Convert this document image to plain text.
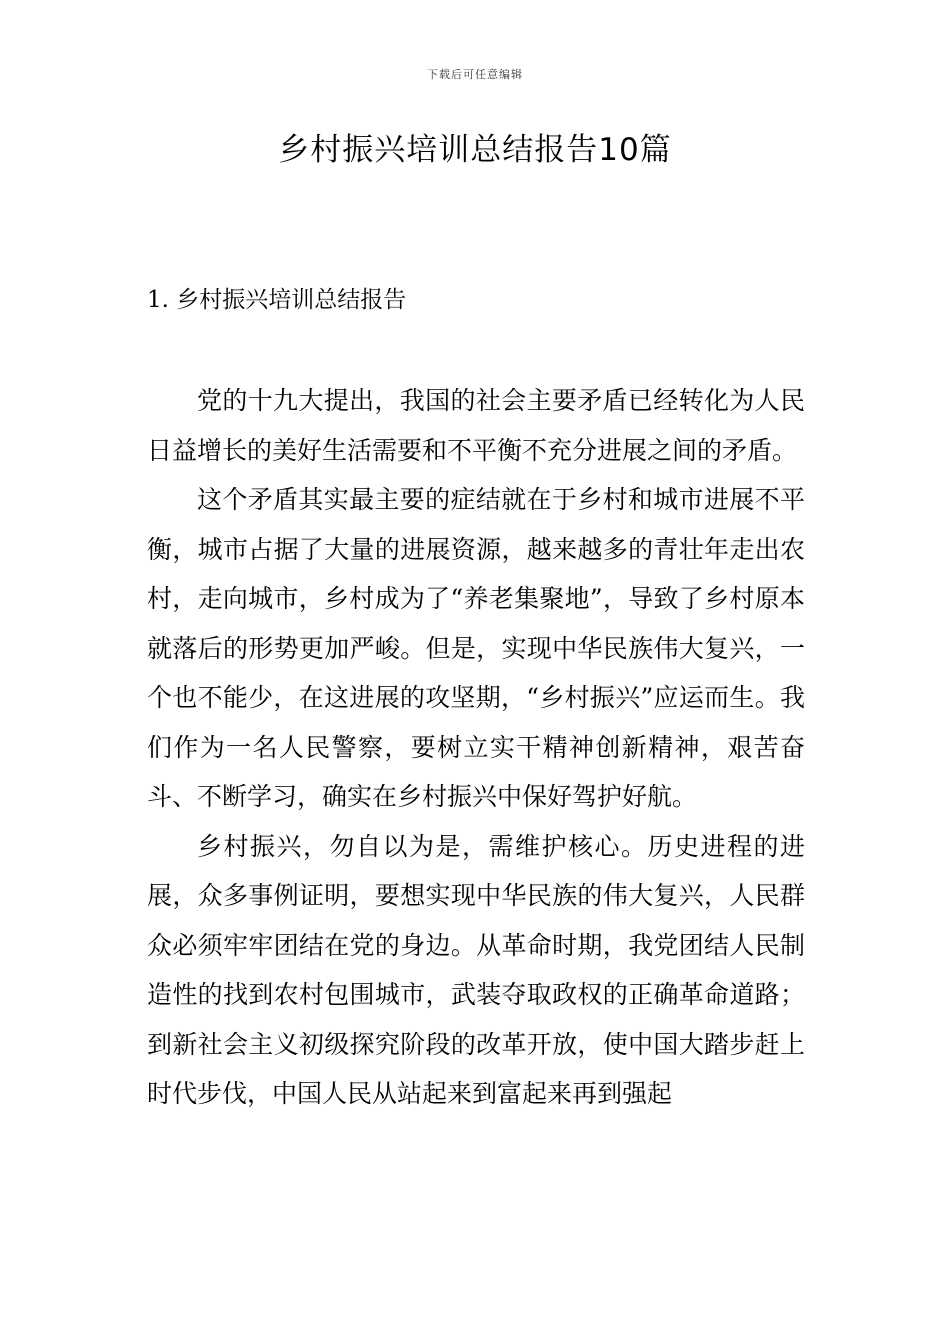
下载后可任意编辑
乡村振兴培训总结报告10篇
1. 乡村振兴培训总结报告

党的十九大提出，我国的社会主要矛盾已经转化为人民日益增长的美好生活需要和不平衡不充分进展之间的矛盾。

这个矛盾其实最主要的症结就在于乡村和城市进展不平衡，城市占据了大量的进展资源，越来越多的青壮年走出农村，走向城市，乡村成为了“养老集聚地”，导致了乡村原本就落后的形势更加严峻。但是，实现中华民族伟大复兴，一个也不能少，在这进展的攻坚期，“乡村振兴”应运而生。我们作为一名人民警察，要树立实干精神创新精神，艰苦奋斗、不断学习，确实在乡村振兴中保好驾护好航。

乡村振兴，勿自以为是，需维护核心。历史进程的进展，众多事例证明，要想实现中华民族的伟大复兴，人民群众必须牢牢团结在党的身边。从革命时期，我党团结人民制造性的找到农村包围城市，武装夺取政权的正确革命道路；到新社会主义初级探究阶段的改革开放，使中国大踏步赶上时代步伐，中国人民从站起来到富起来再到强起
